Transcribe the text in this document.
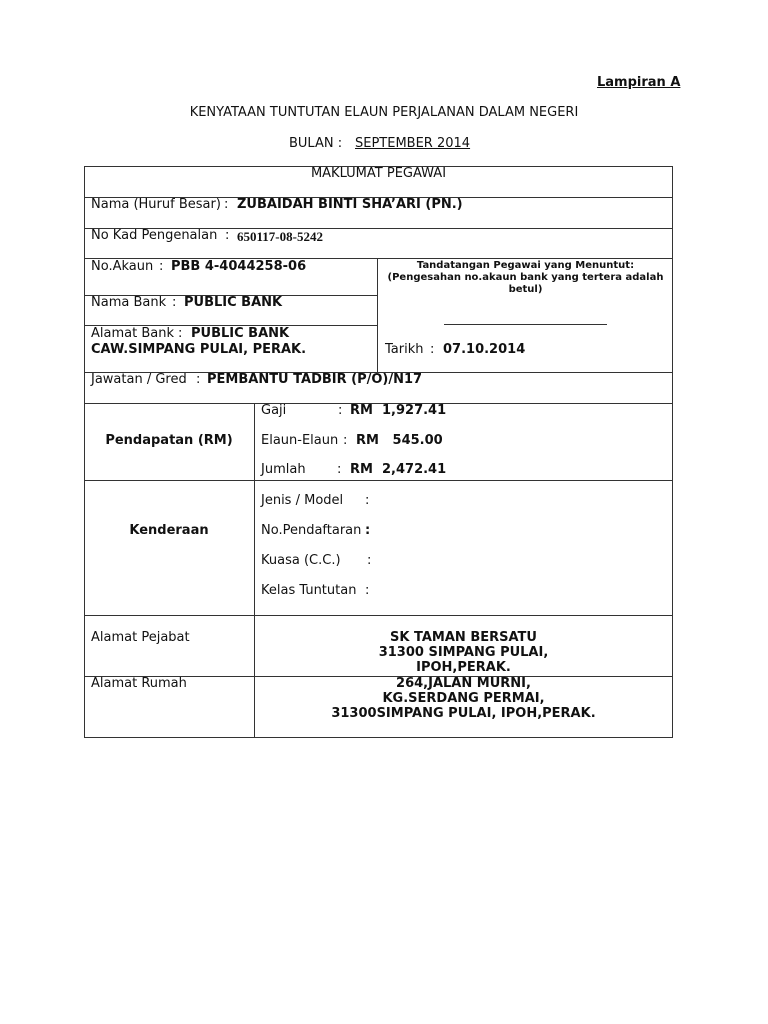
Lampiran A
KENYATAAN TUNTUTAN ELAUN PERJALANAN DALAM NEGERI
BULAN : SEPTEMBER 2014
MAKLUMAT PEGAWAI
Nama (Huruf Besar) : ZUBAIDAH BINTI SHA’ARI (PN.)
No Kad Pengenalan : 650117-08-5242
No.Akaun : PBB 4-4044258-06
Nama Bank : PUBLIC BANK
Alamat Bank : PUBLIC BANK
CAW.SIMPANG PULAI, PERAK.
Tandatangan Pegawai yang Menuntut:
(Pengesahan no.akaun bank yang tertera adalah
betul)
Tarikh : 07.10.2014
Jawatan / Gred : PEMBANTU TADBIR (P/O)/N17
Pendapatan (RM)
Gaji	: RM  1,927.41
Elaun-Elaun : RM   545.00
Jumlah : RM  2,472.41
Kenderaan
Jenis / Model :
No.Pendaftaran :
Kuasa (C.C.) :
Kelas Tuntutan :
Alamat Pejabat	SK TAMAN BERSATU
31300 SIMPANG PULAI,
IPOH,PERAK.
Alamat Rumah	264,JALAN MURNI,
KG.SERDANG PERMAI,
31300SIMPANG PULAI, IPOH,PERAK.
